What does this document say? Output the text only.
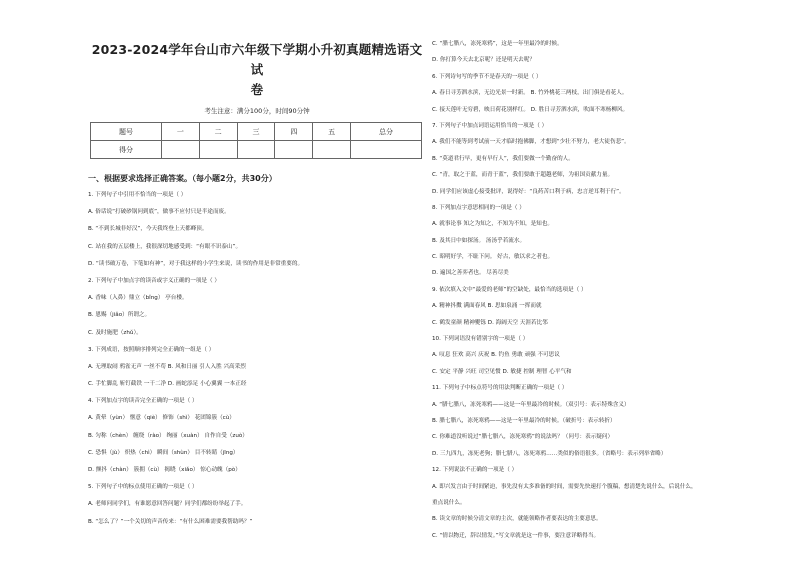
2023-2024学年台山市六年级下学期小升初真题精选语文试
卷
考生注意：满分100分，时间90分钟
题号	一	二	三	四	五	总分
得分						
一、根据要求选择正确答案。（每小题2分，共30分）
1. 下列句子中引用不恰当的一项是（ ）
A. 俗话说“打破砂锅问到底”，做事不应付只是半途而废。
B. “不到长城非好汉”，今天我终登上天都峰顶。
C. 站在我的五层楼上，我很深切地感受到：“有眼不识泰山”。
D. “读书破万卷，下笔如有神”，对于我这样的小学生来说，读书的作用是非常重要的。
2. 下列句子中加点字的读音或字义正确的一项是（ ）
A. 香味（入鼻）鼎立（bǐng） 亭台楼。
B. 恩赐（jiǎo）所谓之。
C. 及时施肥（zhǔ）。
3. 下列成语，按照顺序排列完全正确的一组是（ ）
A. 无理取闹 鸦雀无声 一丝不苟 B. 风和日丽 引人入胜 兴高采烈
C. 手忙脚乱 斩钉截铁 一干二净 D. 画蛇添足 小心翼翼 一本正经
4. 下列加点字的读音完全正确的一项是（ ）
A. 黄晕（yùn） 惬意（qiè） 修饰（shì） 花团锦簇（cù）
B. 匀称（chèn） 缠绕（rào） 绚丽（xuàn） 自作自受（zuò）
C. 恐惧（jù） 炽热（chì） 瞬间（shùn） 目不转睛（jīng）
D. 颤抖（chàn） 簇拥（cù） 揭晓（xiǎo） 惊心动魄（pò）
5. 下列句子中的标点使用正确的一项是（ ）
A. 老师问同学们，有谁愿意回答问题？同学们都纷纷举起了手。
B. “怎么了？”一个关切的声音传来：“有什么困难需要我帮助吗？”
C. “腊七腊八，冻死寒鸦”，这是一年里最冷的时候。
D. 你打算今天去北京呢？还是明天去呢？
6. 下列诗句写的季节不是春天的一项是（ ）
A. 春日寻芳泗水滨，无边光景一时新。 B. 竹外桃花三两枝，出门俱是看花人。
C. 接天莲叶无穷碧，映日荷花别样红。 D. 胜日寻芳泗水滨，吹面不寒杨柳风。
7. 下列句子中加点词语运用恰当的一项是（ ）
A. 我们不能等到考试前一天才临时抱佛脚，才想到“少壮不努力，老大徒伤悲”。
B. “莫道君行早，更有早行人”，我们要做一个勤奋的人。
C. “青，取之于蓝，而青于蓝”，我们要敢于超越老师，为祖国贡献力量。
D. 同学们应该虚心接受批评，说得好：“良药苦口利于病，忠言逆耳利于行”。
8. 下列加点字意思相同的一项是（ ）
A. 就事论事 知之为知之，不知为不知，是知也。
B. 及其日中如探汤。 汤汤乎若流水。
C. 昭明好学，不耻下问。 好古，敏以求之者也。
D. 遍国之善弈者也。 尽善尽美
9. 依次填入文中“最爱的老师”的空缺处，最恰当的选项是（ ）
A. 精神抖擞 满面春风 B. 思如泉涌 一挥而就
C. 鹤发童颜 精神矍铄 D. 海阔天空 天涯若比邻
10. 下列词语没有错别字的一项是（ ）
A. 叹息 狂欢 高兴 庆祝 B. 钓鱼 勇敢 顽强 不可思议
C. 安定 平静 兴旺 司空见惯 D. 敏捷 控制 理智 心平气和
11. 下列句子中标点符号的用法判断正确的一项是（ ）
A. “腊七腊八，冻死寒鸦——这是一年里最冷的时候。（双引号：表示特殊含义）
B. 腊七腊八，冻死寒鸦——这是一年里最冷的时候。（破折号：表示转折）
C. 你难道没听说过“腊七腊八，冻死寒鸦”的说法吗？（问号：表示疑问）
D. 三九四九，冻死老狗；腊七腊八，冻死寒鸦……类似的俗语很多。（省略号：表示列举省略）
12. 下列说法不正确的一项是（ ）
A. 即兴发言由于时间紧迫，事先没有太多准备的时间，需要先快速打个腹稿，想清楚先说什么，后说什么，
重点说什么。
B. 读文章的时候分清文章的主次，就能领略作者要表达的主要意思。
C. “情以物迁，辞以情发。”写文章就是这一件事，要注意详略得当。
